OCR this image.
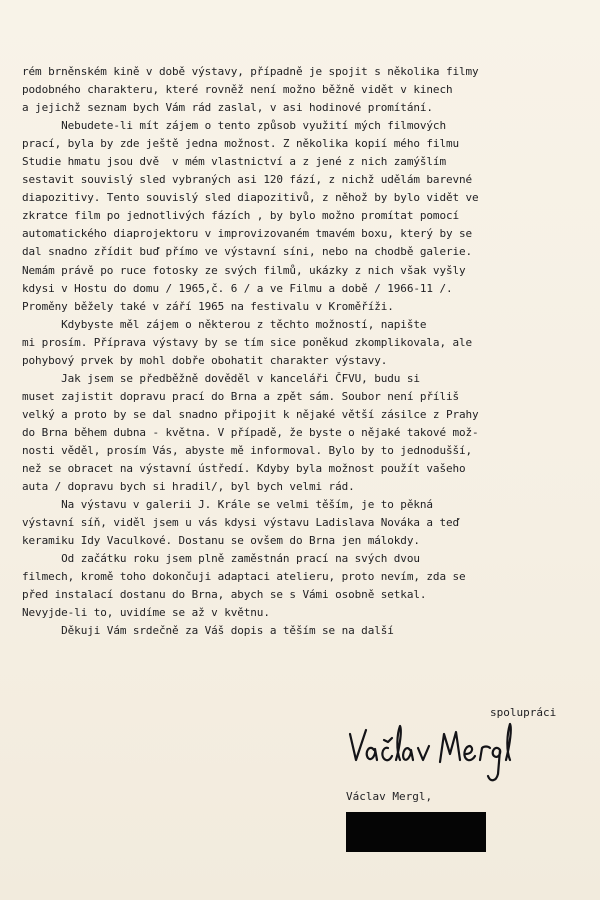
rém brněnském kině v době výstavy, případně je spojit s několika filmy
podobného charakteru, které rovněž není možno běžně vidět v kinech
a jejichž seznam bych Vám rád zaslal, v asi hodinové promítání.
Nebudete-li mít zájem o tento způsob využití mých filmových
prací, byla by zde ještě jedna možnost. Z několika kopií mého filmu
Studie hmatu jsou dvě  v mém vlastnictví a z jené z nich zamýšlím
sestavit souvislý sled vybraných asi 120 fází, z nichž udělám barevné
diapozitivy. Tento souvislý sled diapozitivů, z něhož by bylo vidět ve
zkratce film po jednotlivých fázích , by bylo možno promítat pomocí
automatického diaprojektoru v improvizovaném tmavém boxu, který by se
dal snadno zřídit buď přímo ve výstavní síni, nebo na chodbě galerie.
Nemám právě po ruce fotosky ze svých filmů, ukázky z nich však vyšly
kdysi v Hostu do domu / 1965,č. 6 / a ve Filmu a době / 1966-11 /.
Proměny běžely také v září 1965 na festivalu v Kroměříži.
Kdybyste měl zájem o některou z těchto možností, napište
mi prosím. Příprava výstavy by se tím sice poněkud zkomplikovala, ale
pohybový prvek by mohl dobře obohatit charakter výstavy.
Jak jsem se předběžně dověděl v kanceláři ČFVU, budu si
muset zajistit dopravu prací do Brna a zpět sám. Soubor není příliš
velký a proto by se dal snadno připojit k nějaké větší zásilce z Prahy
do Brna během dubna - května. V případě, že byste o nějaké takové mož-
nosti věděl, prosím Vás, abyste mě informoval. Bylo by to jednodušší,
než se obracet na výstavní ústředí. Kdyby byla možnost použít vašeho
auta / dopravu bych si hradil/, byl bych velmi rád.
Na výstavu v galerii J. Krále se velmi těším, je to pěkná
výstavní síň, viděl jsem u vás kdysi výstavu Ladislava Nováka a teď
keramiku Idy Vaculkové. Dostanu se ovšem do Brna jen málokdy.
Od začátku roku jsem plně zaměstnán prací na svých dvou
filmech, kromě toho dokončuji adaptaci atelieru, proto nevím, zda se
před instalací dostanu do Brna, abych se s Vámi osobně setkal.
Nevyjde-li to, uvidíme se až v květnu.
Děkuji Vám srdečně za Váš dopis a těším se na další
spolupráci
Václav Mergl,
